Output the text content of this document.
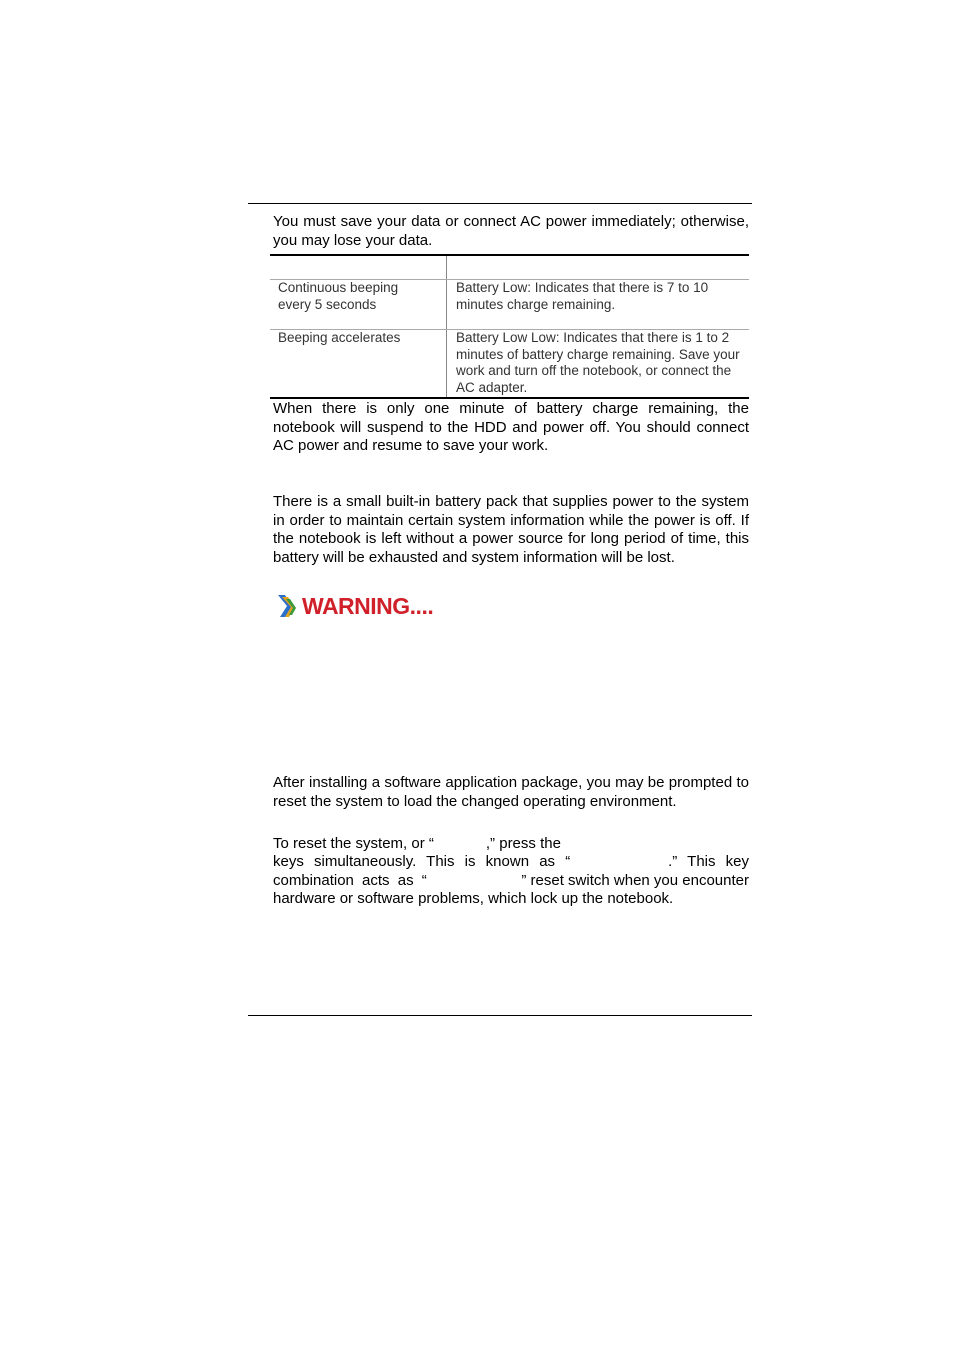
You must save your data or connect AC power immediately; otherwise, you may lose your data.

Continuous beeping every 5 seconds	Battery Low: Indicates that there is 7 to 10 minutes charge remaining.
Beeping accelerates	Battery Low Low: Indicates that there is 1 to 2 minutes of battery charge remaining. Save your work and turn off the notebook, or connect the AC adapter.

When there is only one minute of battery charge remaining, the notebook will suspend to the HDD and power off. You should connect AC power and resume to save your work.

There is a small built-in battery pack that supplies power to the system in order to maintain certain system information while the power is off. If the notebook is left without a power source for long period of time, this battery will be exhausted and system information will be lost.

WARNING....

After installing a software application package, you may be prompted to reset the system to load the changed operating environment.

To reset the system, or “	,” press the
keys simultaneously. This is known as “	.” This key
combination acts as “	” reset switch when you encounter
hardware or software problems, which lock up the notebook.
